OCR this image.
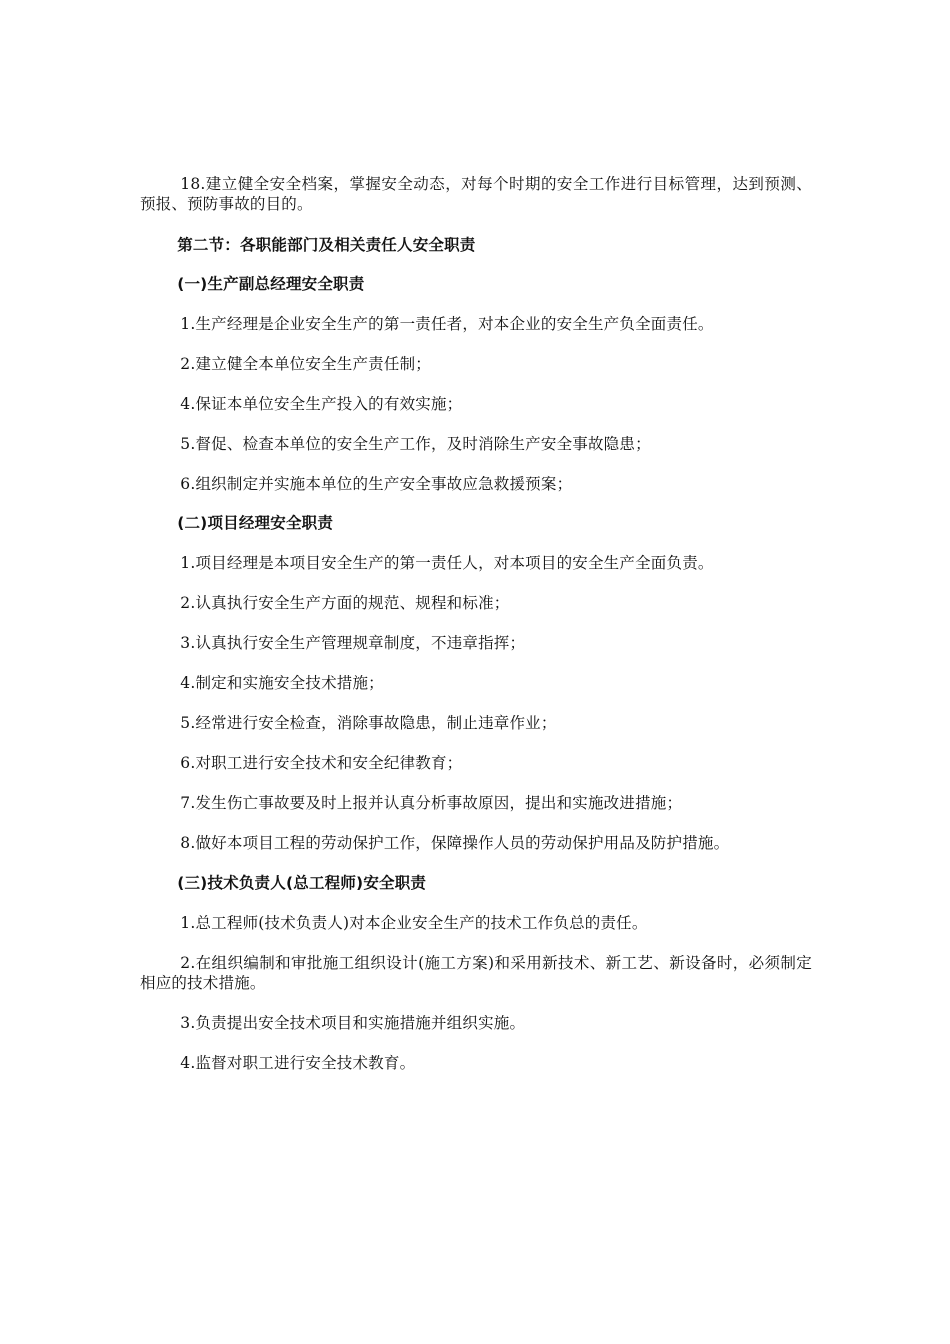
18.建立健全安全档案，掌握安全动态，对每个时期的安全工作进行目标管理，达到预测、预报、预防事故的目的。

第二节：各职能部门及相关责任人安全职责

(一)生产副总经理安全职责

1.生产经理是企业安全生产的第一责任者，对本企业的安全生产负全面责任。

2.建立健全本单位安全生产责任制；

4.保证本单位安全生产投入的有效实施；

5.督促、检查本单位的安全生产工作，及时消除生产安全事故隐患；

6.组织制定并实施本单位的生产安全事故应急救援预案；

(二)项目经理安全职责

1.项目经理是本项目安全生产的第一责任人，对本项目的安全生产全面负责。

2.认真执行安全生产方面的规范、规程和标准；

3.认真执行安全生产管理规章制度，不违章指挥；

4.制定和实施安全技术措施；

5.经常进行安全检查，消除事故隐患，制止违章作业；

6.对职工进行安全技术和安全纪律教育；

7.发生伤亡事故要及时上报并认真分析事故原因，提出和实施改进措施；

8.做好本项目工程的劳动保护工作，保障操作人员的劳动保护用品及防护措施。

(三)技术负责人(总工程师)安全职责

1.总工程师(技术负责人)对本企业安全生产的技术工作负总的责任。

2.在组织编制和审批施工组织设计(施工方案)和采用新技术、新工艺、新设备时，必须制定相应的技术措施。

3.负责提出安全技术项目和实施措施并组织实施。

4.监督对职工进行安全技术教育。
